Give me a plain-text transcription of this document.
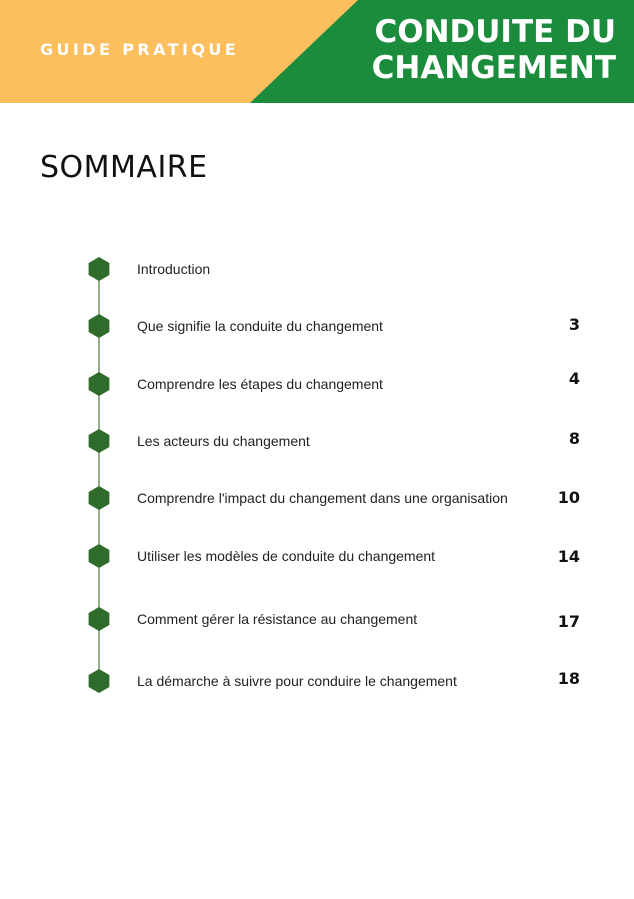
GUIDE PRATIQUE	CONDUITE DU
CHANGEMENT
SOMMAIRE
Introduction
Que signifie la conduite du changement	3
Comprendre les étapes du changement	4
Les acteurs du changement	8
Comprendre l'impact du changement dans une organisation	10
Utiliser les modèles de conduite du changement	14
Comment gérer la résistance au changement	17
La démarche à suivre pour conduire le changement	18
